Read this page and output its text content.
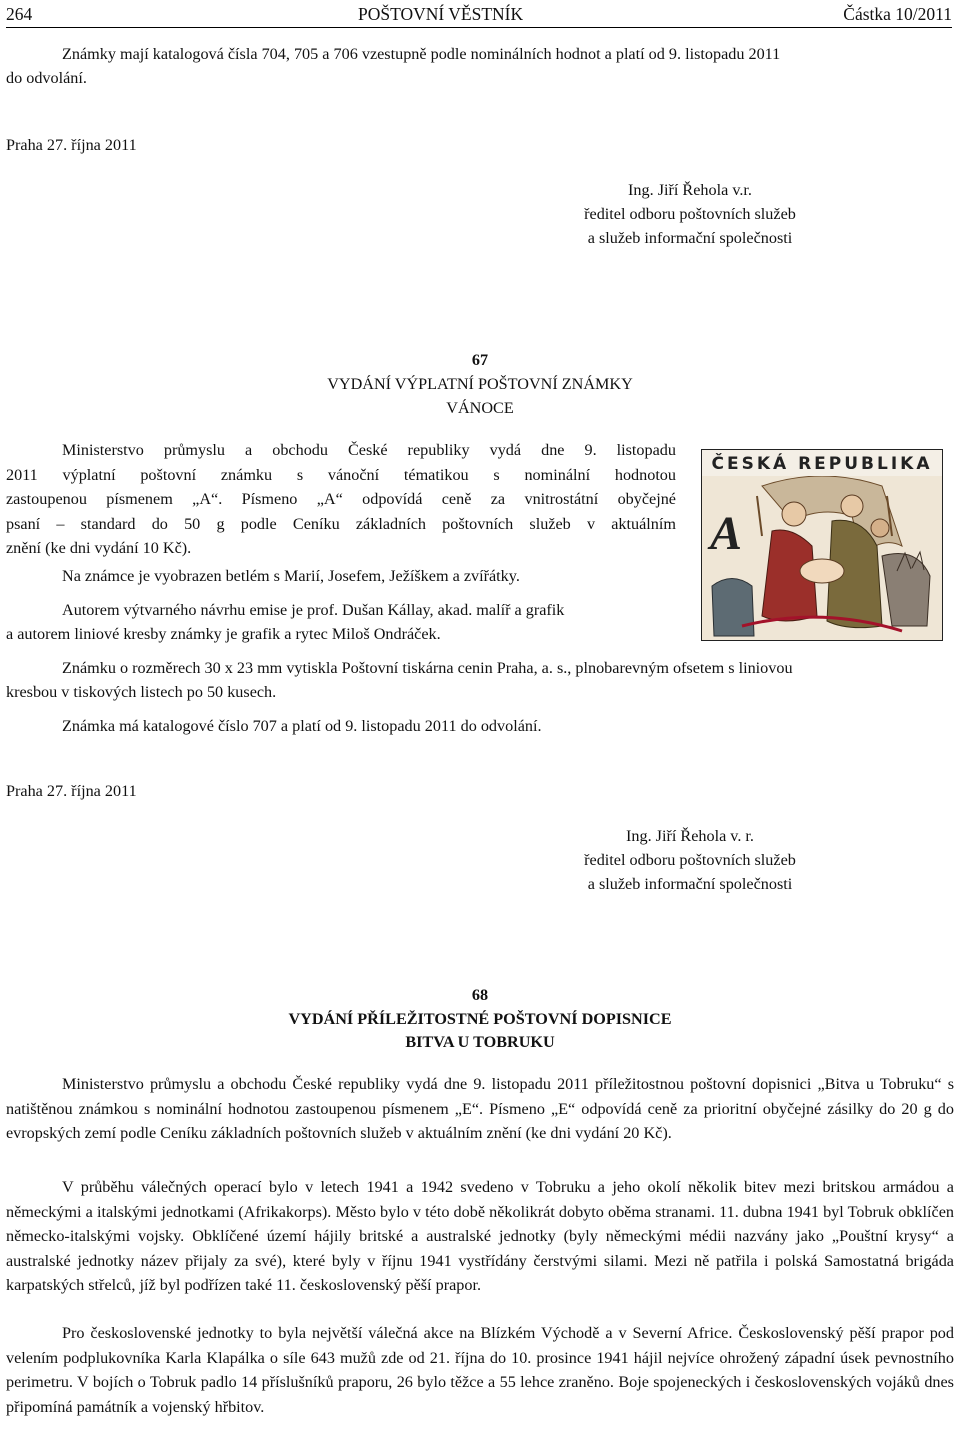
264	POŠTOVNÍ VĚSTNÍK	Částka 10/2011
Známky mají katalogová čísla 704, 705 a 706 vzestupně podle nominálních hodnot a platí od 9. listopadu 2011
do odvolání.
Praha 27. října 2011
Ing. Jiří Řehola v.r.
ředitel odboru poštovních služeb
a služeb informační společnosti
67
VYDÁNÍ VÝPLATNÍ POŠTOVNÍ ZNÁMKY
VÁNOCE

Ministerstvo průmyslu a obchodu České republiky vydá dne 9. listopadu

2011 výplatní poštovní známku s vánoční tématikou s nominální hodnotou

zastoupenou písmenem „A“. Písmeno „A“ odpovídá ceně za vnitrostátní obyčejné

psaní – standard do 50 g podle Ceníku základních poštovních služeb v aktuálním

znění (ke dni vydání 10 Kč).

Na známce je vyobrazen betlém s Marií, Josefem, Ježíškem a zvířátky.
Autorem výtvarného návrhu emise je prof. Dušan Kállay, akad. malíř a grafik
a autorem liniové kresby známky je grafik a rytec Miloš Ondráček.
Známku o rozměrech 30 x 23 mm vytiskla Poštovní tiskárna cenin Praha, a. s., plnobarevným ofsetem s liniovou
kresbou v tiskových listech po 50 kusech.
Známka má katalogové číslo 707 a platí od 9. listopadu 2011 do odvolání.
ČESKÁ REPUBLIKA
A
Praha 27. října 2011
Ing. Jiří Řehola v. r.
ředitel odboru poštovních služeb
a služeb informační společnosti
68
VYDÁNÍ PŘÍLEŽITOSTNÉ POŠTOVNÍ DOPISNICE
BITVA U TOBRUKU

Ministerstvo průmyslu a obchodu České republiky vydá dne 9. listopadu 2011 příležitostnou poštovní dopisnici „Bitva u Tobruku“ s natištěnou známkou s nominální hodnotou zastoupenou písmenem „E“. Písmeno „E“ odpovídá ceně za prioritní obyčejné zásilky do 20 g do evropských zemí podle Ceníku základních poštovních služeb v aktuálním znění (ke dni vydání 20 Kč).

V průběhu válečných operací bylo v letech 1941 a 1942 svedeno v Tobruku a jeho okolí několik bitev mezi britskou armádou a německými a italskými jednotkami (Afrikakorps). Město bylo v této době několikrát dobyto oběma stranami. 11. dubna 1941 byl Tobruk obklíčen německo-italskými vojsky. Obklíčené území hájily britské a australské jednotky (byly německými médii nazvány jako „Pouštní krysy“ a australské jednotky název přijaly za své), které byly v říjnu 1941 vystřídány čerstvými silami. Mezi ně patřila i polská Samostatná brigáda karpatských střelců, jíž byl podřízen také 11. československý pěší prapor.

Pro československé jednotky to byla největší válečná akce na Blízkém Východě a v Severní Africe. Československý pěší prapor pod velením podplukovníka Karla Klapálka o síle 643 mužů zde od 21. října do 10. prosince 1941 hájil nejvíce ohrožený západní úsek pevnostního perimetru. V bojích o Tobruk padlo 14 příslušníků praporu, 26 bylo těžce a 55 lehce zraněno. Boje spojeneckých i československých vojáků dnes připomíná památník a vojenský hřbitov.
